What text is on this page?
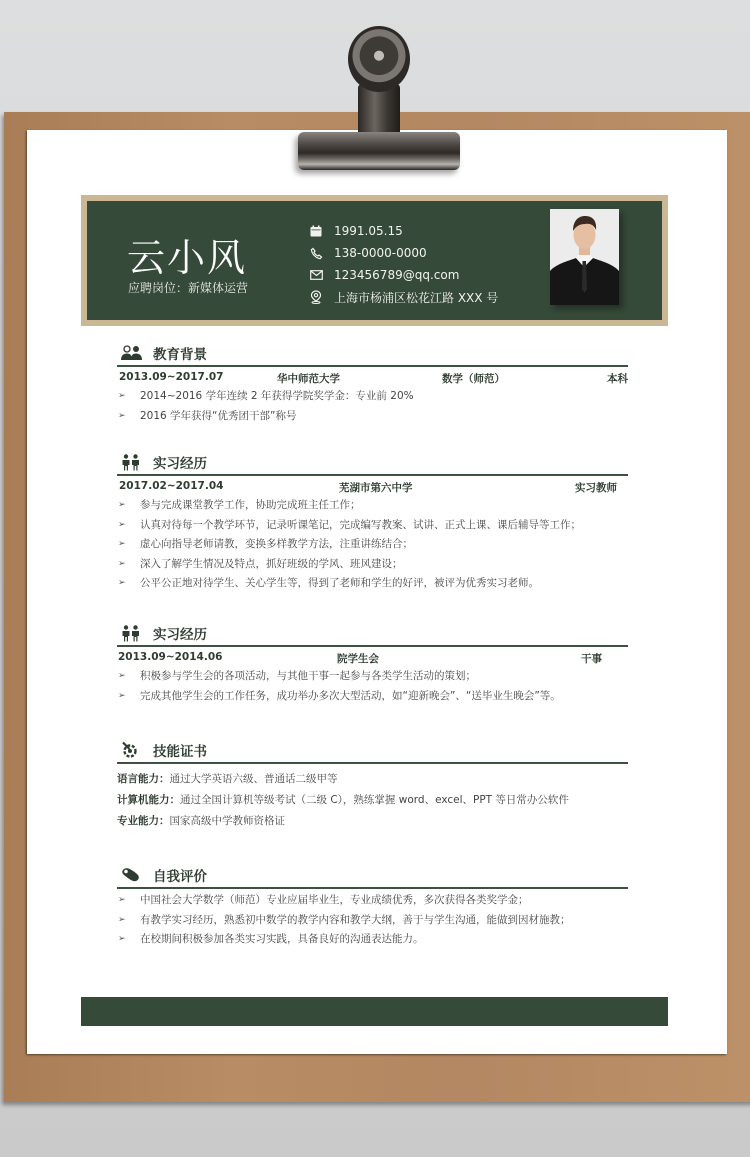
云小风
应聘岗位：新媒体运营
1991.05.15
138-0000-0000
123456789@qq.com
上海市杨浦区松花江路 XXX 号
教育背景
2013.09~2017.07	华中师范大学	数学（师范）	本科
➢ 2014~2016 学年连续 2 年获得学院奖学金：专业前 20%
➢ 2016 学年获得“优秀团干部”称号
实习经历
2017.02~2017.04	芜湖市第六中学	实习教师
➢ 参与完成课堂教学工作，协助完成班主任工作；
➢ 认真对待每一个教学环节，记录听课笔记，完成编写教案、试讲、正式上课、课后辅导等工作；
➢ 虚心向指导老师请教，变换多样教学方法，注重讲练结合；
➢ 深入了解学生情况及特点，抓好班级的学风、班风建设；
➢ 公平公正地对待学生、关心学生等，得到了老师和学生的好评，被评为优秀实习老师。
实习经历
2013.09~2014.06	院学生会	干事
➢ 积极参与学生会的各项活动，与其他干事一起参与各类学生活动的策划；
➢ 完成其他学生会的工作任务，成功举办多次大型活动，如“迎新晚会”、“送毕业生晚会”等。
技能证书
语言能力：通过大学英语六级、普通话二级甲等
计算机能力：通过全国计算机等级考试（二级 C），熟练掌握 word、excel、PPT 等日常办公软件
专业能力：国家高级中学教师资格证
自我评价
➢ 中国社会大学数学（师范）专业应届毕业生，专业成绩优秀，多次获得各类奖学金；
➢ 有教学实习经历，熟悉初中数学的教学内容和教学大纲，善于与学生沟通，能做到因材施教；
➢ 在校期间积极参加各类实习实践，具备良好的沟通表达能力。
